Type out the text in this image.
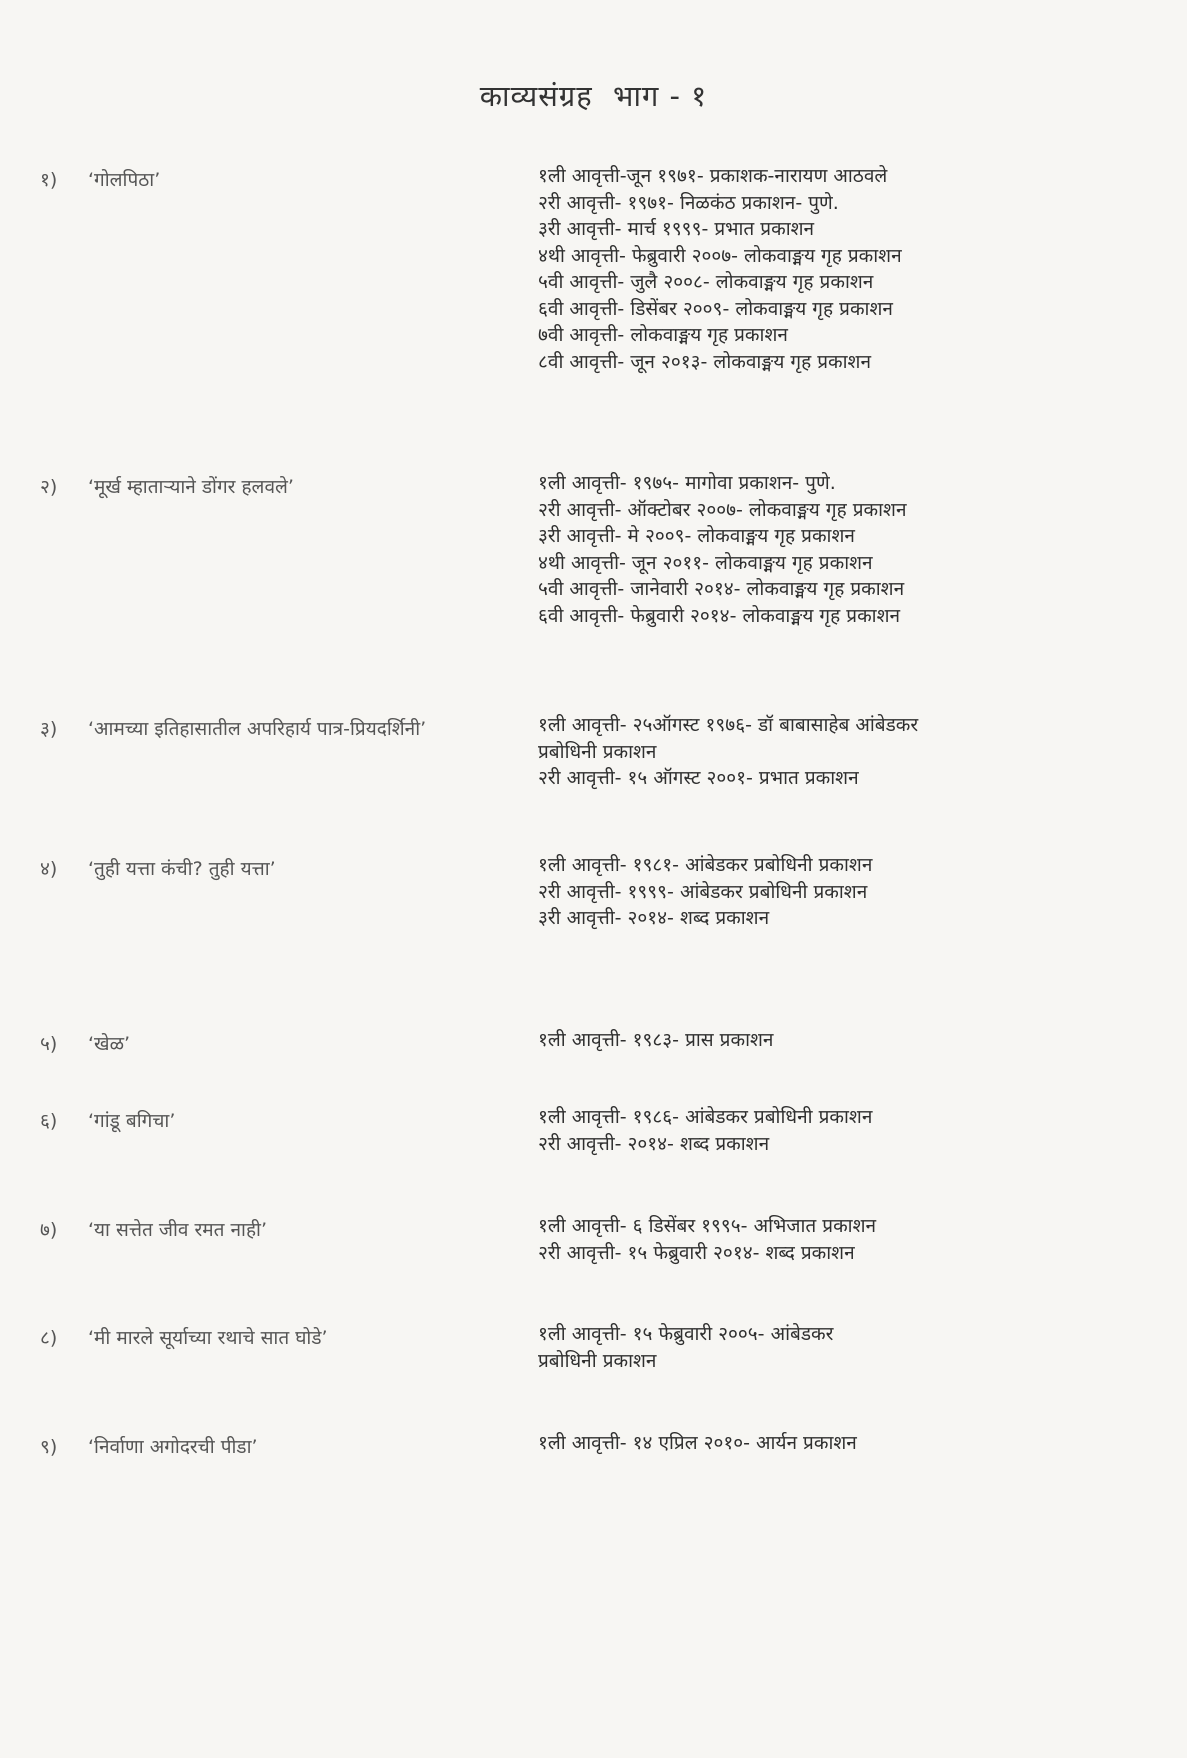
काव्यसंग्रह  भाग - १
१) ‘गोलपिठा’	१ली आवृत्ती-जून १९७१- प्रकाशक-नारायण आठवले
२री आवृत्ती- १९७१- निळकंठ प्रकाशन- पुणे.
३री आवृत्ती- मार्च १९९९- प्रभात प्रकाशन
४थी आवृत्ती- फेब्रुवारी २००७- लोकवाङ्मय गृह प्रकाशन
५वी आवृत्ती- जुलै २००८- लोकवाङ्मय गृह प्रकाशन
६वी आवृत्ती- डिसेंबर २००९- लोकवाङ्मय गृह प्रकाशन
७वी आवृत्ती- लोकवाङ्मय गृह प्रकाशन
८वी आवृत्ती- जून २०१३- लोकवाङ्मय गृह प्रकाशन
२) ‘मूर्ख म्हाताऱ्याने डोंगर हलवले’	१ली आवृत्ती- १९७५- मागोवा प्रकाशन- पुणे.
२री आवृत्ती- ऑक्टोबर २००७- लोकवाङ्मय गृह प्रकाशन
३री आवृत्ती- मे २००९- लोकवाङ्मय गृह प्रकाशन
४थी आवृत्ती- जून २०११- लोकवाङ्मय गृह प्रकाशन
५वी आवृत्ती- जानेवारी २०१४- लोकवाङ्मय गृह प्रकाशन
६वी आवृत्ती- फेब्रुवारी २०१४- लोकवाङ्मय गृह प्रकाशन
३) ‘आमच्या इतिहासातील अपरिहार्य पात्र-प्रियदर्शिनी’	१ली आवृत्ती- २५ऑगस्ट १९७६- डॉ बाबासाहेब आंबेडकर
प्रबोधिनी प्रकाशन
२री आवृत्ती- १५ ऑगस्ट २००१- प्रभात प्रकाशन
४) ‘तुही यत्ता कंची? तुही यत्ता’	१ली आवृत्ती- १९८१- आंबेडकर प्रबोधिनी प्रकाशन
२री आवृत्ती- १९९९- आंबेडकर प्रबोधिनी प्रकाशन
३री आवृत्ती- २०१४- शब्द प्रकाशन
५) ‘खेळ’	१ली आवृत्ती- १९८३- प्रास प्रकाशन
६) ‘गांडू बगिचा’	१ली आवृत्ती- १९८६- आंबेडकर प्रबोधिनी प्रकाशन
२री आवृत्ती- २०१४- शब्द प्रकाशन
७) ‘या सत्तेत जीव रमत नाही’	१ली आवृत्ती- ६ डिसेंबर १९९५- अभिजात प्रकाशन
२री आवृत्ती- १५ फेब्रुवारी २०१४- शब्द प्रकाशन
८) ‘मी मारले सूर्याच्या रथाचे सात घोडे’	१ली आवृत्ती- १५ फेब्रुवारी २००५- आंबेडकर
प्रबोधिनी प्रकाशन
९) ‘निर्वाणा अगोदरची पीडा’	१ली आवृत्ती- १४ एप्रिल २०१०- आर्यन प्रकाशन
